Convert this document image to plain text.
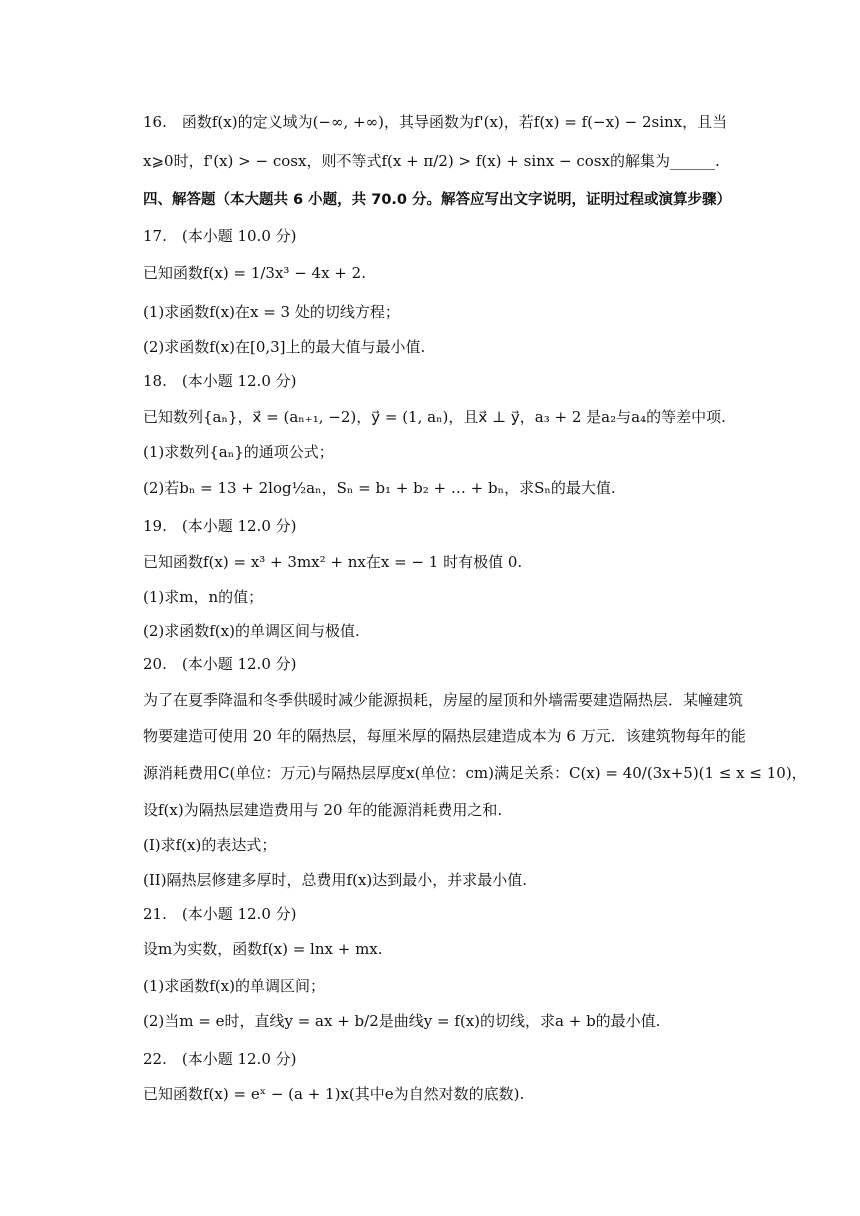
16.　函数f(x)的定义域为(−∞, +∞)，其导函数为f'(x)，若f(x) = f(−x) − 2sinx，且当
x⩾0时，f'(x) > − cosx，则不等式f(x + π/2) > f(x) + sinx − cosx的解集为______.
四、解答题（本大题共 6 小题，共 70.0 分。解答应写出文字说明，证明过程或演算步骤）
17.　(本小题 10.0 分)
已知函数f(x) = 1/3x³ − 4x + 2.
(1)求函数f(x)在x = 3 处的切线方程；
(2)求函数f(x)在[0,3]上的最大值与最小值.
18.　(本小题 12.0 分)
已知数列{aₙ}，x⃗ = (aₙ₊₁, −2)，y⃗ = (1, aₙ)，且x⃗ ⊥ y⃗，a₃ + 2 是a₂与a₄的等差中项.
(1)求数列{aₙ}的通项公式；
(2)若bₙ = 13 + 2log½aₙ，Sₙ = b₁ + b₂ + … + bₙ，求Sₙ的最大值.
19.　(本小题 12.0 分)
已知函数f(x) = x³ + 3mx² + nx在x = − 1 时有极值 0.
(1)求m，n的值；
(2)求函数f(x)的单调区间与极值.
20.　(本小题 12.0 分)
为了在夏季降温和冬季供暖时减少能源损耗，房屋的屋顶和外墙需要建造隔热层．某幢建筑
物要建造可使用 20 年的隔热层，每厘米厚的隔热层建造成本为 6 万元．该建筑物每年的能
源消耗费用C(单位：万元)与隔热层厚度x(单位：cm)满足关系：C(x) = 40/(3x+5)(1 ≤ x ≤ 10)，
设f(x)为隔热层建造费用与 20 年的能源消耗费用之和.
(I)求f(x)的表达式；
(II)隔热层修建多厚时，总费用f(x)达到最小，并求最小值.
21.　(本小题 12.0 分)
设m为实数，函数f(x) = lnx + mx.
(1)求函数f(x)的单调区间；
(2)当m = e时，直线y = ax + b/2是曲线y = f(x)的切线，求a + b的最小值.
22.　(本小题 12.0 分)
已知函数f(x) = eˣ − (a + 1)x(其中e为自然对数的底数).
